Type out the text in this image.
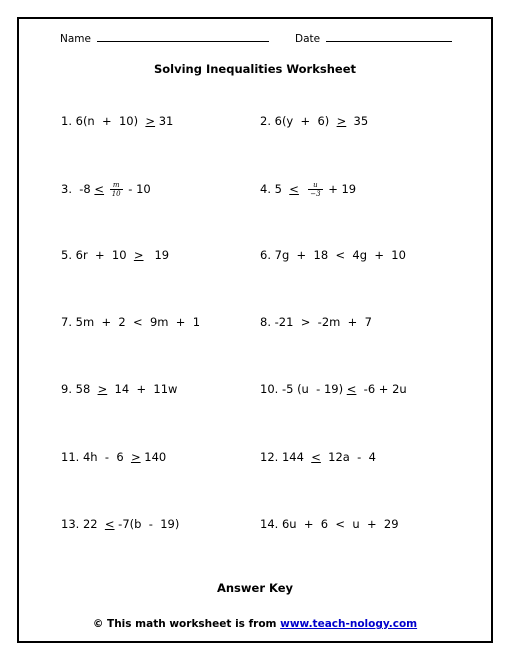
Name	Date
Solving Inequalities Worksheet
1. 6(n  +  10)  > 31	2. 6(y  +  6)  >  35
3.  $-8 < \frac{m}{10} - 10$	4. $5 < \frac{u}{-3} + 19$
5. 6r  +  10  >   19	6. 7g  +  18  <  4g  +  10
7. 5m  +  2  <  9m  +  1	8. -21  >  -2m  +  7
9. 58  >  14  +  11w	10. -5 (u  - 19) <  -6 + 2u
11. 4h  -  6  > 140	12. 144  <  12a  -  4
13. 22  < -7(b  -  19)	14. 6u  +  6  <  u  +  29
Answer Key
© This math worksheet is from www.teach-nology.com
